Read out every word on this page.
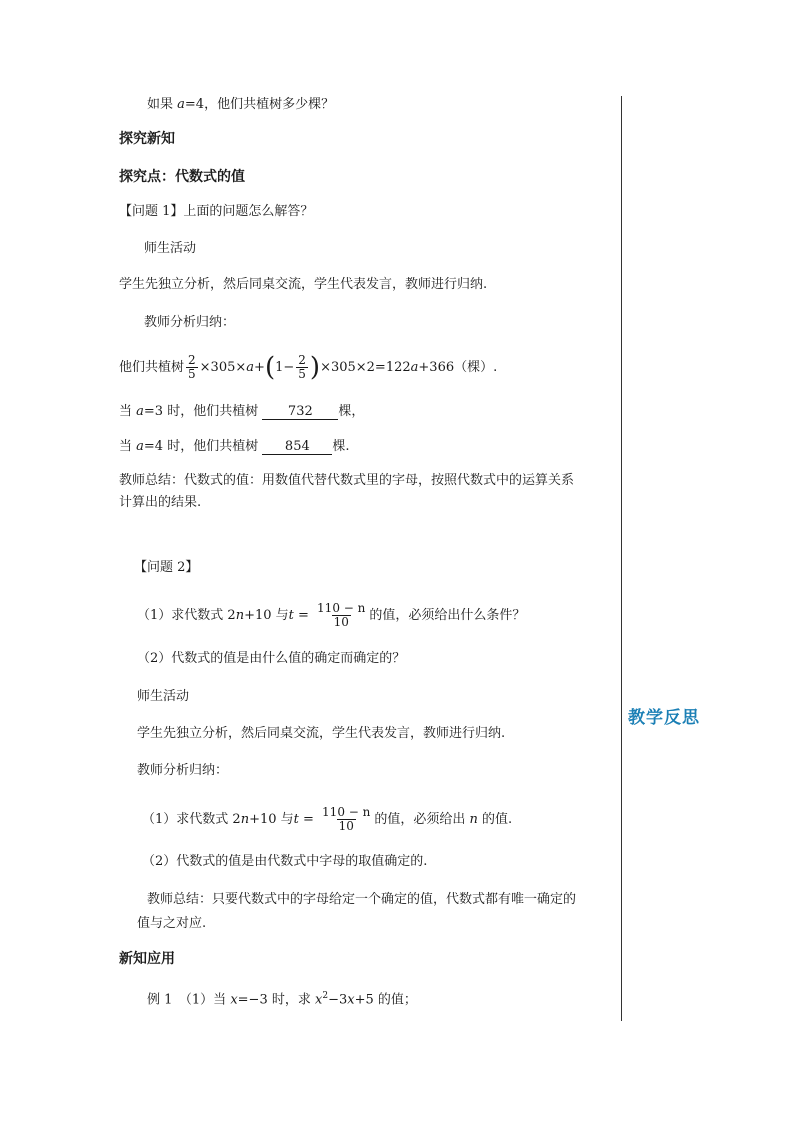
教学反思
如果 a=4，他们共植树多少棵？
探究新知
探究点：代数式的值
【问题 1】上面的问题怎么解答？
师生活动
学生先独立分析，然后同桌交流，学生代表发言，教师进行归纳.
教师分析归纳：
他们共植树 $\frac{2}{5} \times 305\times a+(1- \frac{2}{5} )\times 305\times 2=122a+366$（棵）.
当 a=3 时，他们共植树 732 棵，
当 a=4 时，他们共植树 854 棵.
教师总结：代数式的值：用数值代替代数式里的字母，按照代数式中的运算关系
计算出的结果.
【问题 2】
（1）求代数式 2n+10 与$t = \frac{110 - n}{10}$ 的值，必须给出什么条件？
（2）代数式的值是由什么值的确定而确定的？
师生活动
学生先独立分析，然后同桌交流，学生代表发言，教师进行归纳.
教师分析归纳：
（1）求代数式 2n+10 与$t = \frac{110 - n}{10}$ 的值，必须给出 n 的值.
（2）代数式的值是由代数式中字母的取值确定的.
教师总结：只要代数式中的字母给定一个确定的值，代数式都有唯一确定的
值与之对应.
新知应用
例 1　（1）当 x=−3 时，求 $x^2-3x+5$ 的值；
